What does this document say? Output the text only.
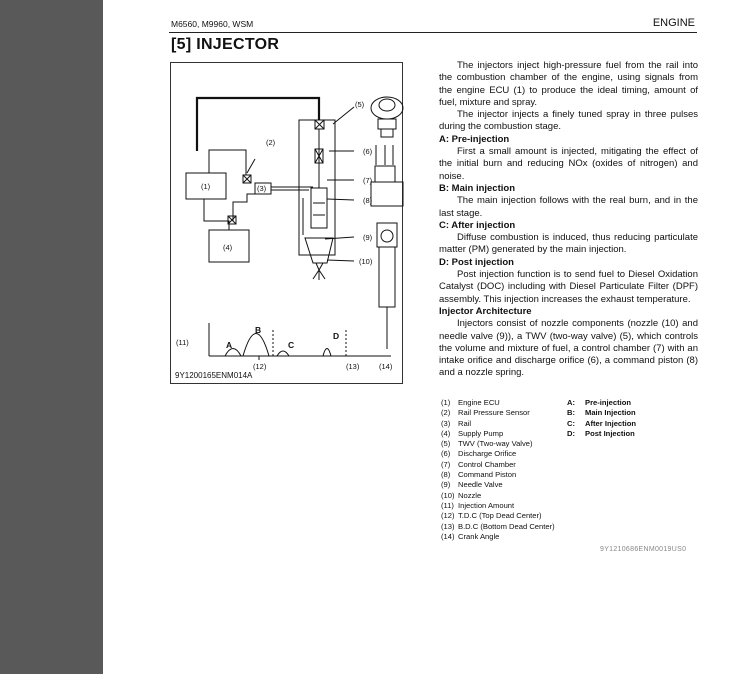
M6560, M9960, WSM	ENGINE
[5] INJECTOR
(5)
(6)
(7)
(8)
(9)
(10)
(1)
(2)
(3)
(4)
(11)
(12)	(13)	(14)
A
B
C
D
9Y1200165ENM014A

The injectors inject high-pressure fuel from the rail into the combustion chamber of the engine, using signals from the engine ECU (1) to produce the ideal timing, amount of fuel, mixture and spray.

The injector injects a finely tuned spray in three pulses during the combustion stage.

A: Pre-injection

First a small amount is injected, mitigating the effect of the initial burn and reducing NOx (oxides of nitrogen) and noise.

B: Main injection

The main injection follows with the real burn, and in the last stage.

C: After injection

Diffuse combustion is induced, thus reducing particulate matter (PM) generated by the main injection.

D: Post injection

Post injection function is to send fuel to Diesel Oxidation Catalyst (DOC) including with Diesel Particulate Filter (DPF) assembly. This injection increases the exhaust temperature.

Injector Architecture

Injectors consist of nozzle components (nozzle (10) and needle valve (9)), a TWV (two-way valve) (5), which controls the volume and mixture of fuel, a control chamber (7) with an intake orifice and discharge orifice (6), a command piston (8) and a nozzle spring.

(1) Engine ECU
(2) Rail Pressure Sensor
(3) Rail
(4) Supply Pump
(5) TWV (Two-way Valve)
(6) Discharge Orifice
(7) Control Chamber
(8) Command Piston
(9) Needle Valve
(10) Nozzle
(11) Injection Amount
(12) T.D.C (Top Dead Center)
(13) B.D.C (Bottom Dead Center)
(14) Crank Angle
A: Pre-injection
B: Main Injection
C: After Injection
D: Post Injection
9Y1210686ENM0019US0
